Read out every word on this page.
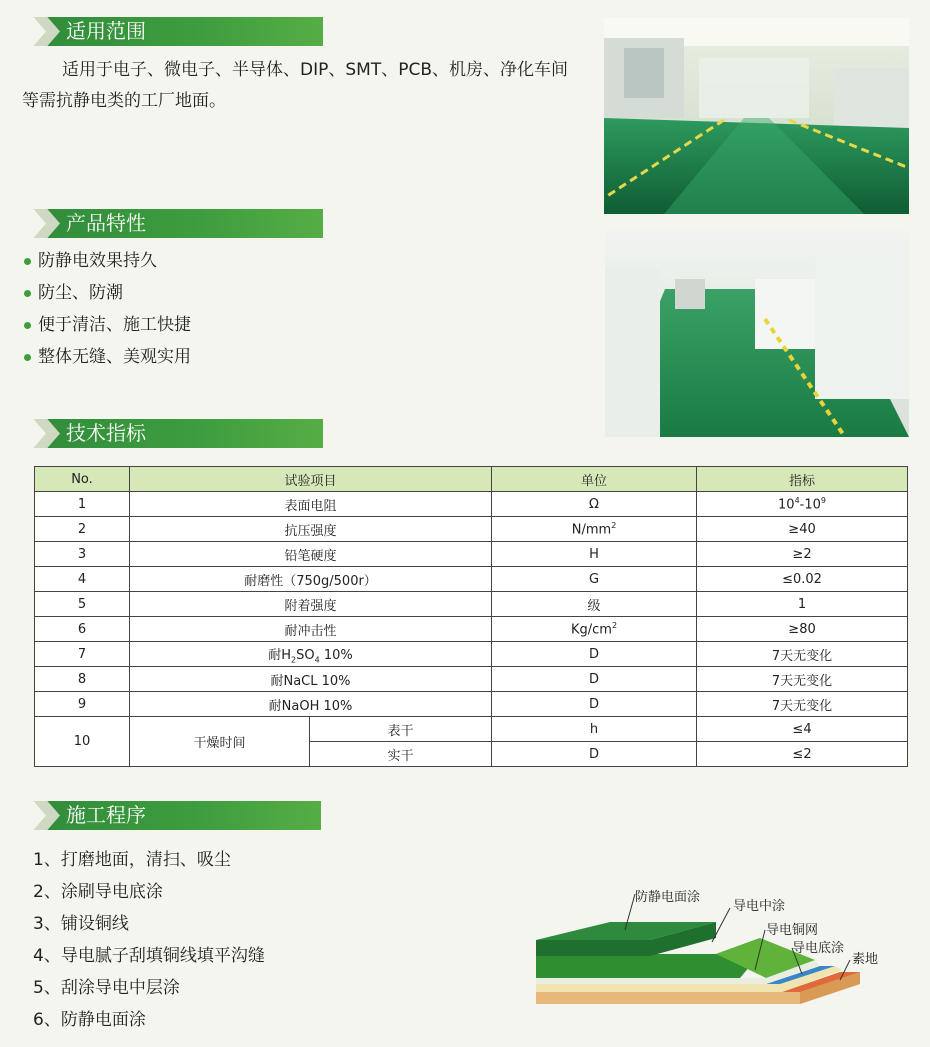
适用范围
适用于电子、微电子、半导体、DIP、SMT、PCB、机房、净化车间
等需抗静电类的工厂地面。
产品特性
防静电效果持久
防尘、防潮
便于清洁、施工快捷
整体无缝、美观实用
技术指标
No.	试验项目		单位	指标
1	表面电阻		Ω	$10^4-10^9$
2	抗压强度		$N/mm^2$	≥40
3	铅笔硬度		H	≥2
4	耐磨性（750g/500r）		G	≤0.02
5	附着强度		级	1
6	耐冲击性		$Kg/cm^2$	≥80
7	耐$H_2SO_4$ 10%		D	7天无变化
8	耐NaCL 10%		D	7天无变化
9	耐NaOH 10%		D	7天无变化
10	干燥时间	表干	h	≤4
		实干	D	≤2
施工程序
1、打磨地面，清扫、吸尘
2、涂刷导电底涂
3、铺设铜线
4、导电腻子刮填铜线填平沟缝
5、刮涂导电中层涂
6、防静电面涂
防静电面涂
导电中涂
导电铜网
导电底涂
素地
